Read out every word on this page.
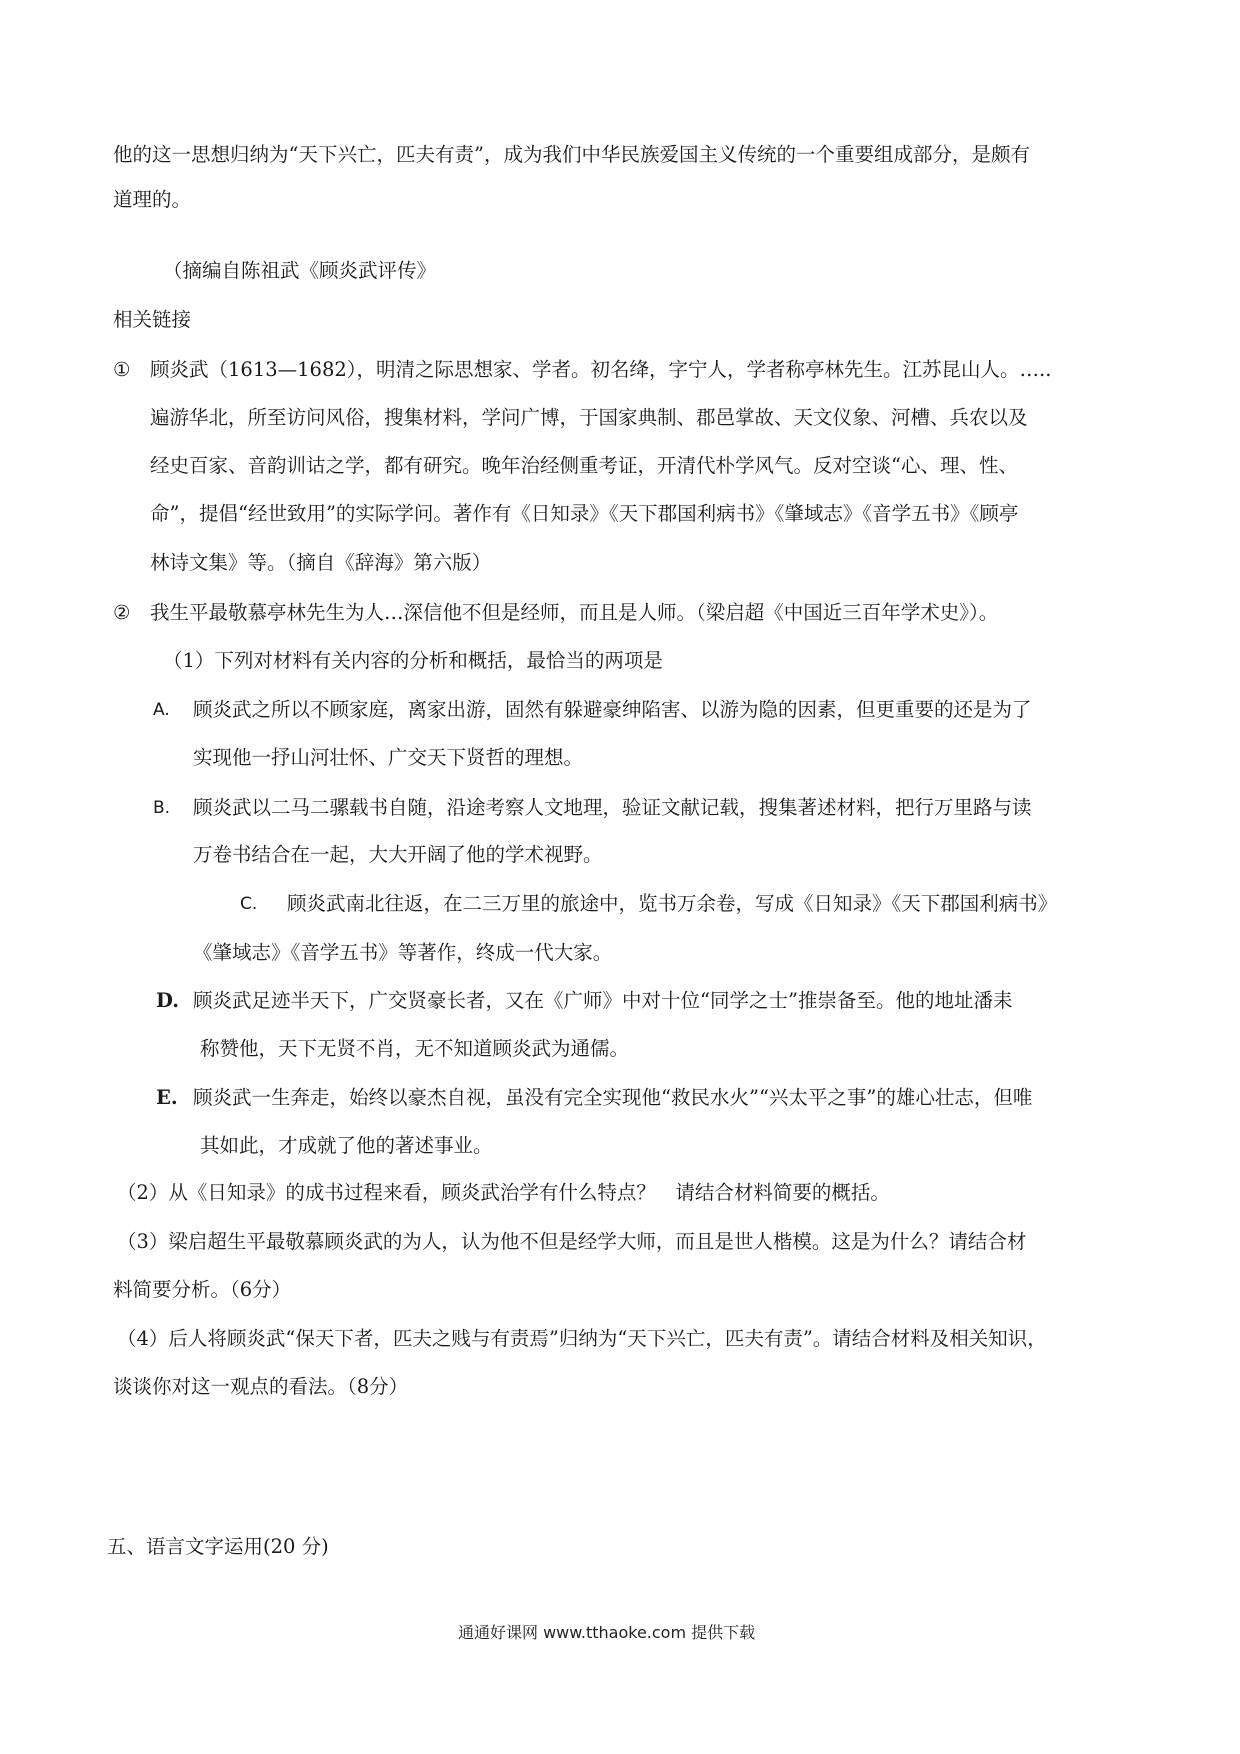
他的这一思想归纳为“天下兴亡，匹夫有责”，成为我们中华民族爱国主义传统的一个重要组成部分，是颇有
道理的。
（摘编自陈祖武《顾炎武评传》
相关链接
① 顾炎武（1613—1682），明清之际思想家、学者。初名绛，字宁人，学者称亭林先生。江苏昆山人。…..
遍游华北，所至访问风俗，搜集材料，学问广博，于国家典制、郡邑掌故、天文仪象、河槽、兵农以及
经史百家、音韵训诂之学，都有研究。晚年治经侧重考证，开清代朴学风气。反对空谈“心、理、性、
命”，提倡“经世致用”的实际学问。著作有《日知录》《天下郡国利病书》《肇域志》《音学五书》《顾亭
林诗文集》等。（摘自《辞海》第六版）
② 我生平最敬慕亭林先生为人…深信他不但是经师，而且是人师。（梁启超《中国近三百年学术史》）。
（1）下列对材料有关内容的分析和概括，最恰当的两项是
A. 顾炎武之所以不顾家庭，离家出游，固然有躲避豪绅陷害、以游为隐的因素，但更重要的还是为了
实现他一抒山河壮怀、广交天下贤哲的理想。
B. 顾炎武以二马二骡载书自随，沿途考察人文地理，验证文献记载，搜集著述材料，把行万里路与读
万卷书结合在一起，大大开阔了他的学术视野。
C. 顾炎武南北往返，在二三万里的旅途中，览书万余卷，写成《日知录》《天下郡国利病书》
《肇域志》《音学五书》等著作，终成一代大家。
D. 顾炎武足迹半天下，广交贤豪长者，又在《广师》中对十位“同学之士”推崇备至。他的地址潘耒
称赞他，天下无贤不肖，无不知道顾炎武为通儒。
E. 顾炎武一生奔走，始终以豪杰自视，虽没有完全实现他“救民水火”“兴太平之事”的雄心壮志，但唯
其如此，才成就了他的著述事业。
（2）从《日知录》的成书过程来看，顾炎武治学有什么特点？　请结合材料简要的概括。
（3）梁启超生平最敬慕顾炎武的为人，认为他不但是经学大师，而且是世人楷模。这是为什么？请结合材
料简要分析。（6分）
（4）后人将顾炎武“保天下者，匹夫之贱与有责焉”归纳为“天下兴亡，匹夫有责”。请结合材料及相关知识，
谈谈你对这一观点的看法。（8分）
五、语言文字运用(20 分)
通通好课网 www.tthaoke.com 提供下载
